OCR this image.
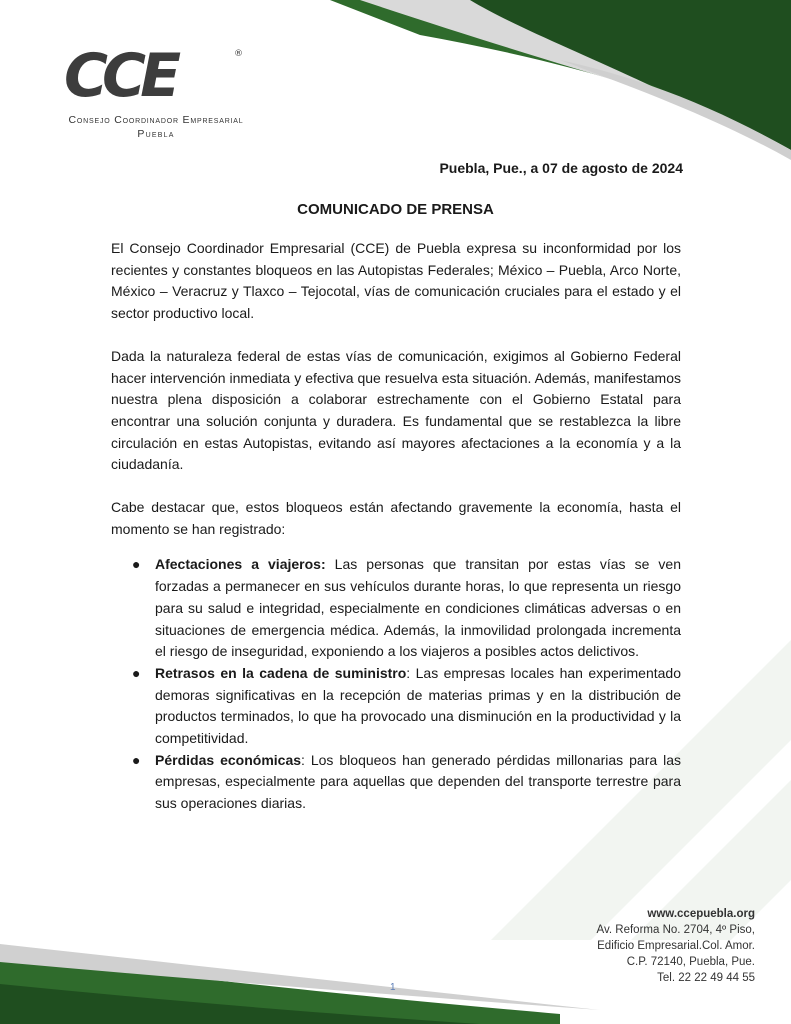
CCE	®
Consejo Coordinador Empresarial
Puebla
Puebla, Pue., a 07 de agosto de 2024
COMUNICADO DE PRENSA

El Consejo Coordinador Empresarial (CCE) de Puebla expresa su inconformidad por los recientes y constantes bloqueos en las Autopistas Federales; México – Puebla, Arco Norte, México – Veracruz y Tlaxco – Tejocotal, vías de comunicación cruciales para el estado y el sector productivo local.

Dada la naturaleza federal de estas vías de comunicación, exigimos al Gobierno Federal hacer intervención inmediata y efectiva que resuelva esta situación. Además, manifestamos nuestra plena disposición a colaborar estrechamente con el Gobierno Estatal para encontrar una solución conjunta y duradera. Es fundamental que se restablezca la libre circulación en estas Autopistas, evitando así mayores afectaciones a la economía y a la ciudadanía.

Cabe destacar que, estos bloqueos están afectando gravemente la economía, hasta el momento se han registrado:

● Afectaciones a viajeros: Las personas que transitan por estas vías se ven forzadas a permanecer en sus vehículos durante horas, lo que representa un riesgo para su salud e integridad, especialmente en condiciones climáticas adversas o en situaciones de emergencia médica. Además, la inmovilidad prolongada incrementa el riesgo de inseguridad, exponiendo a los viajeros a posibles actos delictivos.
● Retrasos en la cadena de suministro: Las empresas locales han experimentado demoras significativas en la recepción de materias primas y en la distribución de productos terminados, lo que ha provocado una disminución en la productividad y la competitividad.
● Pérdidas económicas: Los bloqueos han generado pérdidas millonarias para las empresas, especialmente para aquellas que dependen del transporte terrestre para sus operaciones diarias.
www.ccepuebla.org
Av. Reforma No. 2704, 4º Piso,
Edificio Empresarial.Col. Amor.
C.P. 72140, Puebla, Pue.
Tel. 22 22 49 44 55
1
